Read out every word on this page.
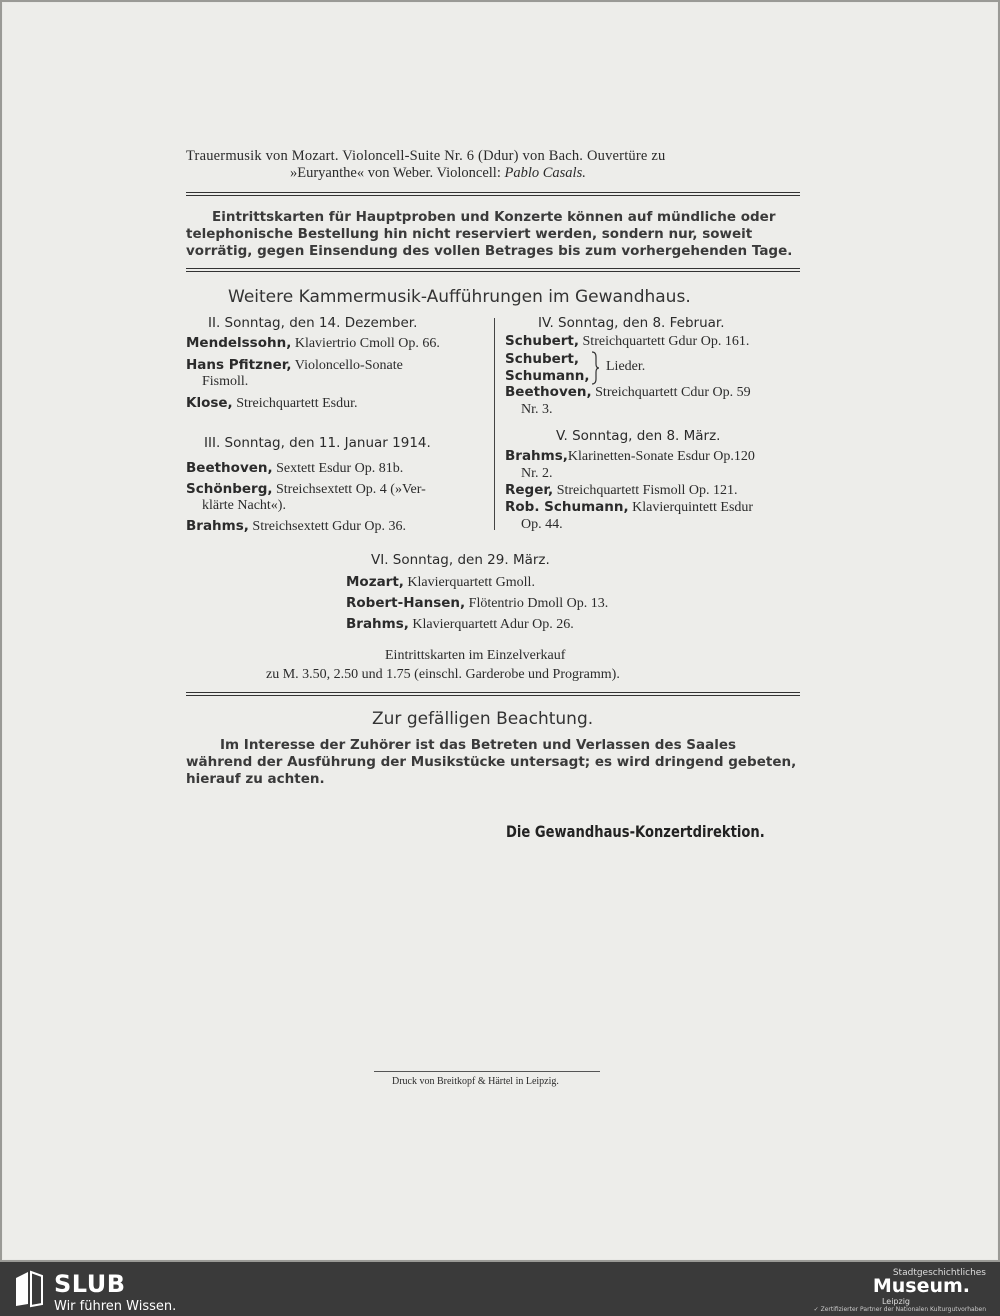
Trauermusik von Mozart. Violoncell-Suite Nr. 6 (Ddur) von Bach. Ouvertüre zu
»Euryanthe« von Weber. Violoncell: Pablo Casals.
Eintrittskarten für Hauptproben und Konzerte können auf mündliche oder
telephonische Bestellung hin nicht reserviert werden, sondern nur, soweit
vorrätig, gegen Einsendung des vollen Betrages bis zum vorhergehenden Tage.
Weitere Kammermusik-Aufführungen im Gewandhaus.
II. Sonntag, den 14. Dezember.
Mendelssohn, Klaviertrio Cmoll Op. 66.
Hans Pfitzner, Violoncello-Sonate
Fismoll.
Klose, Streichquartett Esdur.
III. Sonntag, den 11. Januar 1914.
Beethoven, Sextett Esdur Op. 81b.
Schönberg, Streichsextett Op. 4 (»Ver-
klärte Nacht«).
Brahms, Streichsextett Gdur Op. 36.
IV. Sonntag, den 8. Februar.
Schubert, Streichquartett Gdur Op. 161.
Schubert,
Schumann,
Lieder.
Beethoven, Streichquartett Cdur Op. 59
Nr. 3.
V. Sonntag, den 8. März.
Brahms,Klarinetten-Sonate Esdur Op.120
Nr. 2.
Reger, Streichquartett Fismoll Op. 121.
Rob. Schumann, Klavierquintett Esdur
Op. 44.
VI. Sonntag, den 29. März.
Mozart, Klavierquartett Gmoll.
Robert-Hansen, Flötentrio Dmoll Op. 13.
Brahms, Klavierquartett Adur Op. 26.
Eintrittskarten im Einzelverkauf
zu M. 3.50, 2.50 und 1.75 (einschl. Garderobe und Programm).
Zur gefälligen Beachtung.
Im Interesse der Zuhörer ist das Betreten und Verlassen des Saales
während der Ausführung der Musikstücke untersagt; es wird dringend gebeten,
hierauf zu achten.
Die Gewandhaus-Konzertdirektion.
Druck von Breitkopf & Härtel in Leipzig.
SLUB
Wir führen Wissen.
Stadtgeschichtliches
Museum.
Leipzig
✓ Zertifizierter Partner der Nationalen Kulturgutvorhaben
